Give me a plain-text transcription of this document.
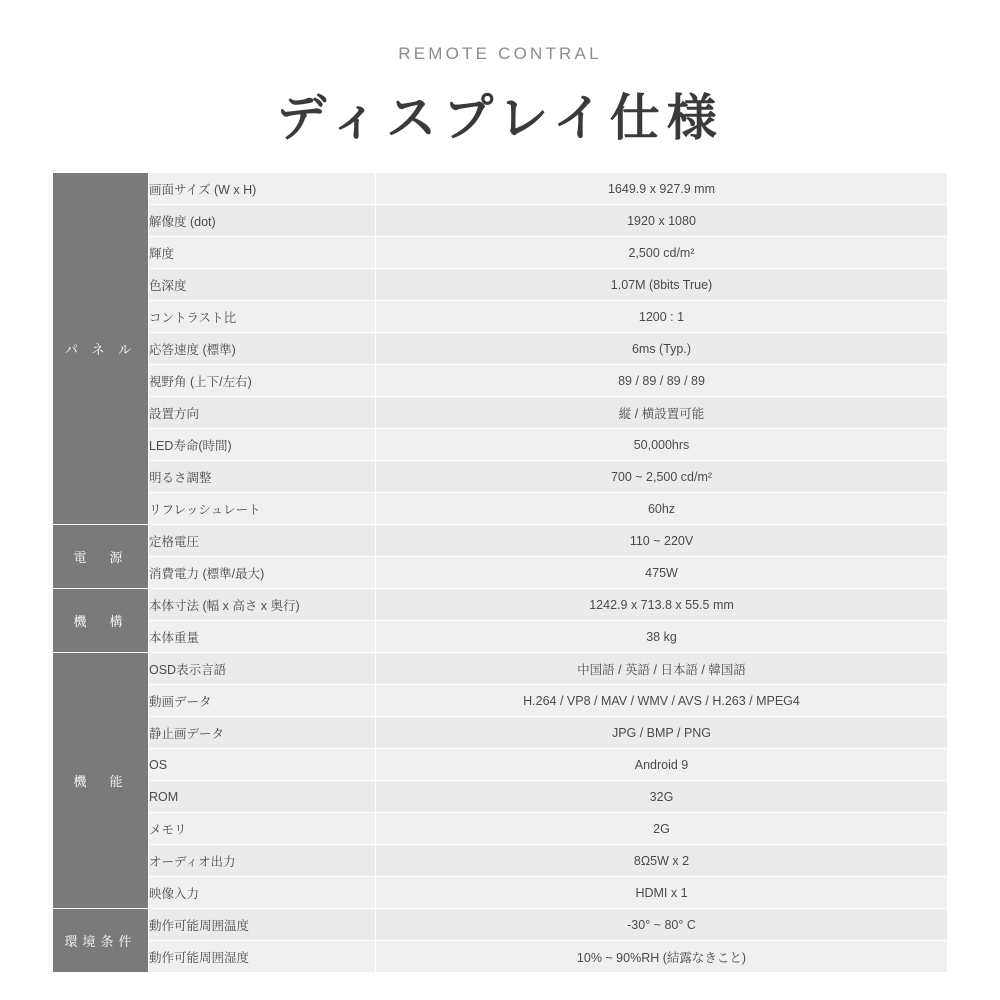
REMOTE CONTRAL
ディスプレイ仕様
パ ネ ル	画面サイズ (W x H)	1649.9 x 927.9 mm
	解像度 (dot)	1920 x 1080
	輝度	2,500 cd/m²
	色深度	1.07M (8bits True)
	コントラスト比	1200 : 1
	応答速度 (標準)	6ms (Typ.)
	視野角 (上下/左右)	89 / 89 / 89 / 89
	設置方向	縦 / 横設置可能
	LED寿命(時間)	50,000hrs
	明るさ調整	700 ~ 2,500 cd/m²
	リフレッシュレート	60hz
電　源	定格電圧	110 ~ 220V
	消費電力 (標準/最大)	475W
機　構	本体寸法 (幅 x 高さ x 奥行)	1242.9 x 713.8 x 55.5 mm
	本体重量	38 kg
機　能	OSD表示言語	中国語 / 英語 / 日本語 / 韓国語
	動画データ	H.264 / VP8 / MAV / WMV / AVS / H.263 / MPEG4
	静止画データ	JPG / BMP / PNG
	OS	Android 9
	ROM	32G
	メモリ	2G
	オーディオ出力	8Ω5W x 2
	映像入力	HDMI x 1
環境条件	動作可能周囲温度	-30° ~ 80° C
	動作可能周囲湿度	10% ~ 90%RH (結露なきこと)
